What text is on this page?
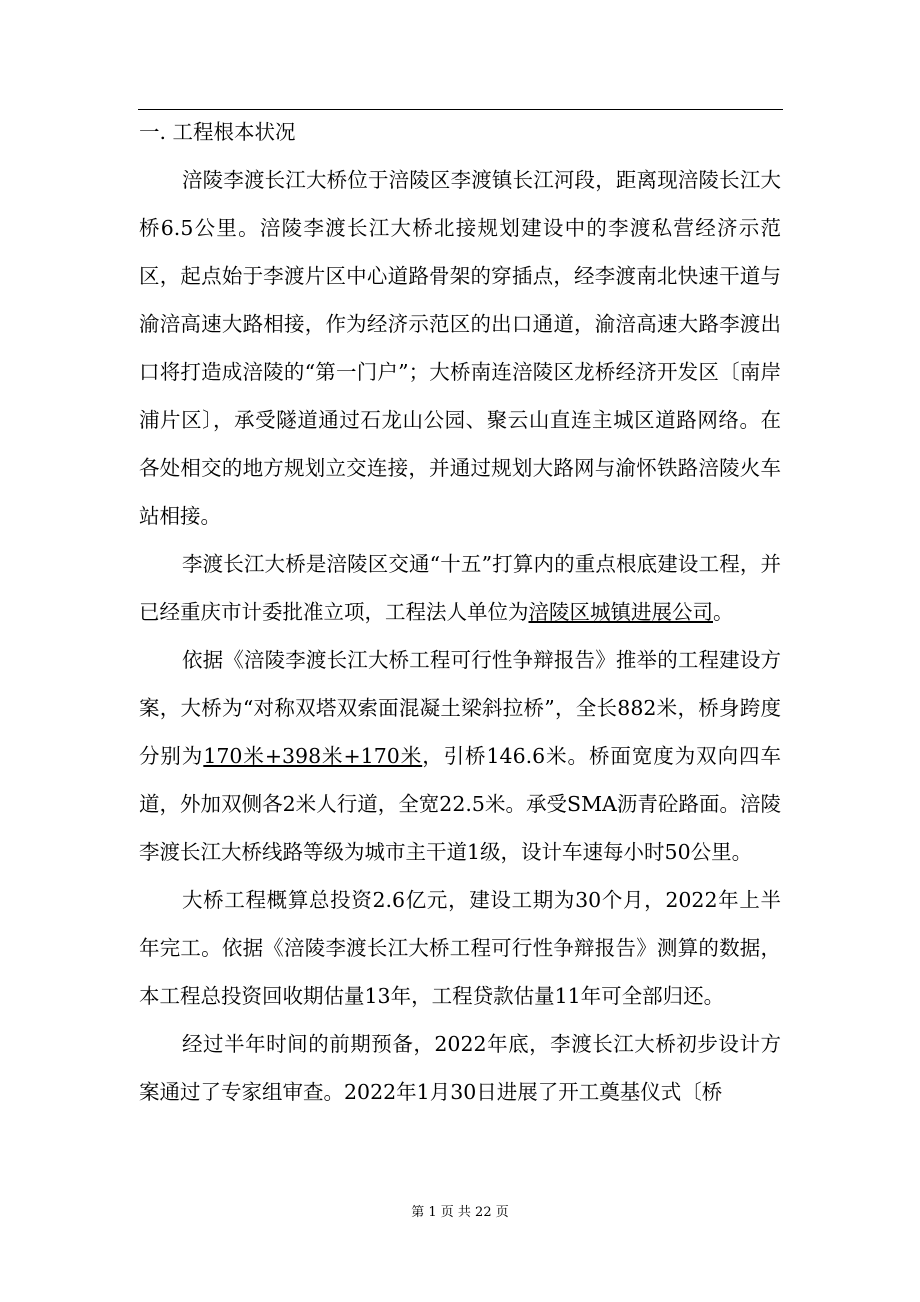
一. 工程根本状况

涪陵李渡长江大桥位于涪陵区李渡镇长江河段，距离现涪陵长江大桥6.5公里。涪陵李渡长江大桥北接规划建设中的李渡私营经济示范区，起点始于李渡片区中心道路骨架的穿插点，经李渡南北快速干道与渝涪高速大路相接，作为经济示范区的出口通道，渝涪高速大路李渡出口将打造成涪陵的“第一门户”；大桥南连涪陵区龙桥经济开发区〔南岸浦片区〕，承受隧道通过石龙山公园、聚云山直连主城区道路网络。在各处相交的地方规划立交连接，并通过规划大路网与渝怀铁路涪陵火车站相接。

李渡长江大桥是涪陵区交通“十五”打算内的重点根底建设工程，并已经重庆市计委批准立项，工程法人单位为涪陵区城镇进展公司。

依据《涪陵李渡长江大桥工程可行性争辩报告》推举的工程建设方案，大桥为“对称双塔双索面混凝土梁斜拉桥”，全长882米，桥身跨度分别为170米+398米+170米，引桥146.6米。桥面宽度为双向四车道，外加双侧各2米人行道，全宽22.5米。承受SMA沥青砼路面。涪陵李渡长江大桥线路等级为城市主干道1级，设计车速每小时50公里。

大桥工程概算总投资2.6亿元，建设工期为30个月，2022年上半年完工。依据《涪陵李渡长江大桥工程可行性争辩报告》测算的数据，本工程总投资回收期估量13年，工程贷款估量11年可全部归还。

经过半年时间的前期预备，2022年底，李渡长江大桥初步设计方案通过了专家组审查。2022年1月30日进展了开工奠基仪式〔桥

第 1 页 共 22 页
